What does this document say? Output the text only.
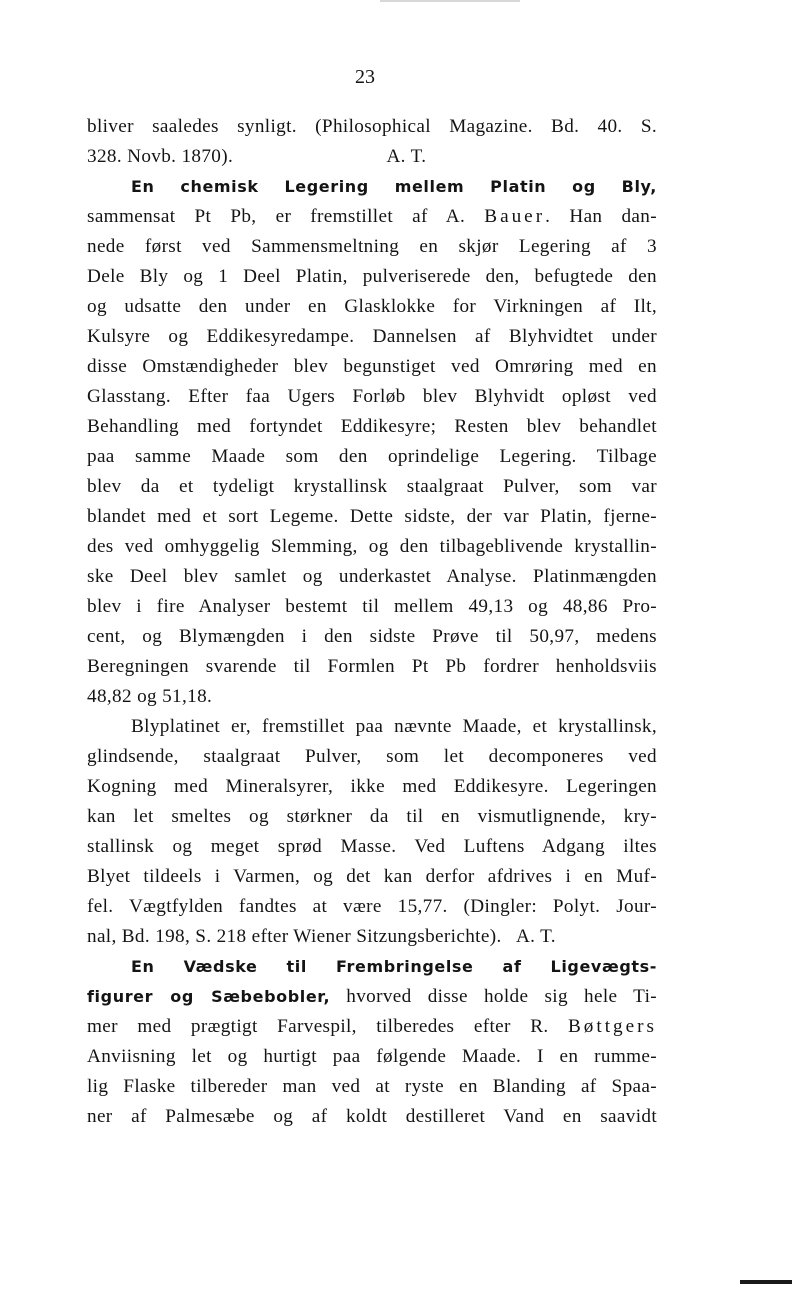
23
bliver saaledes synligt. (Philosophical Magazine. Bd. 40. S.
328. Novb. 1870).                              A. T.
En chemisk Legering mellem Platin og Bly,
sammensat Pt Pb, er fremstillet af A. Bauer. Han dan-
nede først ved Sammensmeltning en skjør Legering af 3
Dele Bly og 1 Deel Platin, pulveriserede den, befugtede den
og udsatte den under en Glasklokke for Virkningen af Ilt,
Kulsyre og Eddikesyredampe. Dannelsen af Blyhvidtet under
disse Omstændigheder blev begunstiget ved Omrøring med en
Glasstang. Efter faa Ugers Forløb blev Blyhvidt opløst ved
Behandling med fortyndet Eddikesyre; Resten blev behandlet
paa samme Maade som den oprindelige Legering. Tilbage
blev da et tydeligt krystallinsk staalgraat Pulver, som var
blandet med et sort Legeme. Dette sidste, der var Platin, fjerne-
des ved omhyggelig Slemming, og den tilbageblivende krystallin-
ske Deel blev samlet og underkastet Analyse. Platinmængden
blev i fire Analyser bestemt til mellem 49,13 og 48,86 Pro-
cent, og Blymængden i den sidste Prøve til 50,97, medens
Beregningen svarende til Formlen Pt Pb fordrer henholdsviis
48,82 og 51,18.
Blyplatinet er, fremstillet paa nævnte Maade, et krystallinsk,
glindsende, staalgraat Pulver, som let decomponeres ved
Kogning med Mineralsyrer, ikke med Eddikesyre. Legeringen
kan let smeltes og størkner da til en vismutlignende, kry-
stallinsk og meget sprød Masse. Ved Luftens Adgang iltes
Blyet tildeels i Varmen, og det kan derfor afdrives i en Muf-
fel. Vægtfylden fandtes at være 15,77. (Dingler: Polyt. Jour-
nal, Bd. 198, S. 218 efter Wiener Sitzungsberichte).   A. T.
En Vædske til Frembringelse af Ligevægts-
figurer og Sæbebobler, hvorved disse holde sig hele Ti-
mer med prægtigt Farvespil, tilberedes efter R. Bøttgers
Anviisning let og hurtigt paa følgende Maade. I en rumme-
lig Flaske tilbereder man ved at ryste en Blanding af Spaa-
ner af Palmesæbe og af koldt destilleret Vand en saavidt
